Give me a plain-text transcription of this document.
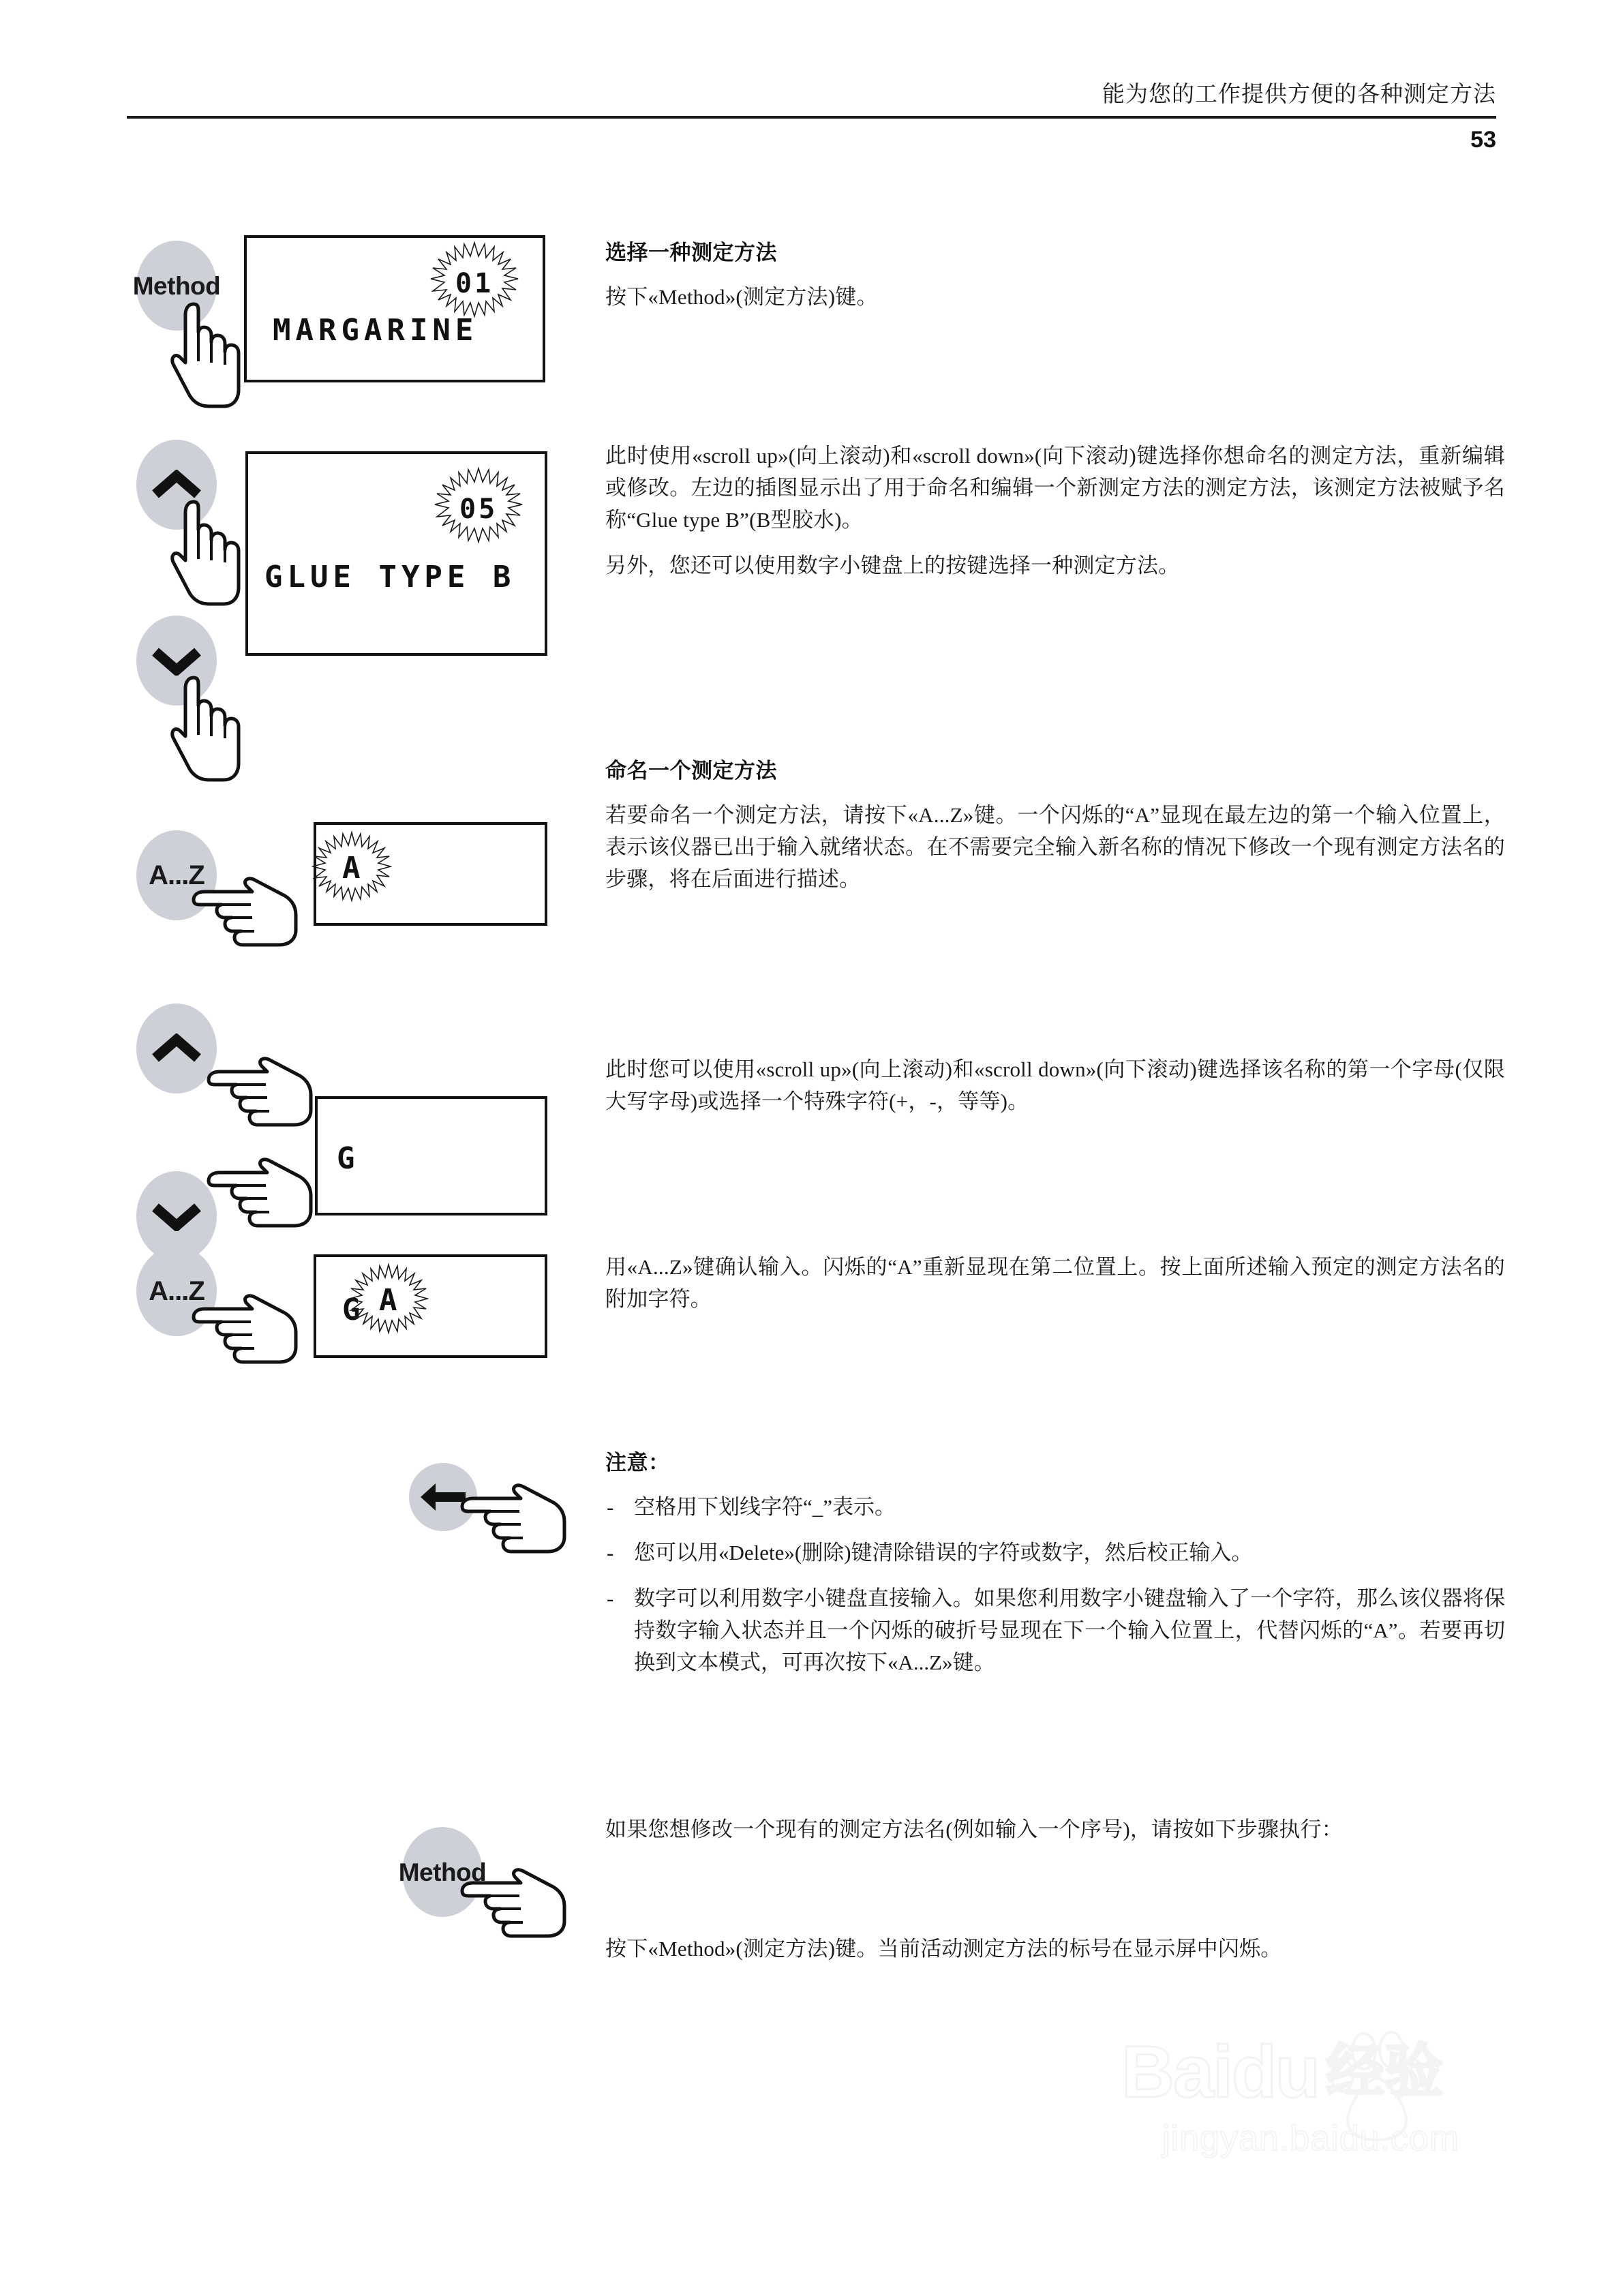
能为您的工作提供方便的各种测定方法
53
Method
MARGARINE
01
选择一种测定方法

按下«Method»(测定方法)键。

GLUE TYPE B
05

此时使用«scroll up»(向上滚动)和«scroll down»(向下滚动)键选择你想命名的测定方法，重新编辑或修改。左边的插图显示出了用于命名和编辑一个新测定方法的测定方法，该测定方法被赋予名称“Glue type B”(B型胶水)。

另外，您还可以使用数字小键盘上的按键选择一种测定方法。

A...Z	A
命名一个测定方法

若要命名一个测定方法，请按下«A...Z»键。一个闪烁的“A”显现在最左边的第一个输入位置上，表示该仪器已出于输入就绪状态。在不需要完全输入新名称的情况下修改一个现有测定方法名的步骤，将在后面进行描述。

G

此时您可以使用«scroll up»(向上滚动)和«scroll down»(向下滚动)键选择该名称的第一个字母(仅限大写字母)或选择一个特殊字符(+，-，等等)。

A...Z
G A

用«A...Z»键确认输入。闪烁的“A”重新显现在第二位置上。按上面所述输入预定的测定方法名的附加字符。

注意：
- 空格用下划线字符“_”表示。
- 您可以用«Delete»(删除)键清除错误的字符或数字，然后校正输入。
- 数字可以利用数字小键盘直接输入。如果您利用数字小键盘输入了一个字符，那么该仪器将保持数字输入状态并且一个闪烁的破折号显现在下一个输入位置上，代替闪烁的“A”。若要再切换到文本模式，可再次按下«A...Z»键。
Method

如果您想修改一个现有的测定方法名(例如输入一个序号)，请按如下步骤执行：

按下«Method»(测定方法)键。当前活动测定方法的标号在显示屏中闪烁。

Baidu 经验
jingyan.baidu.com
